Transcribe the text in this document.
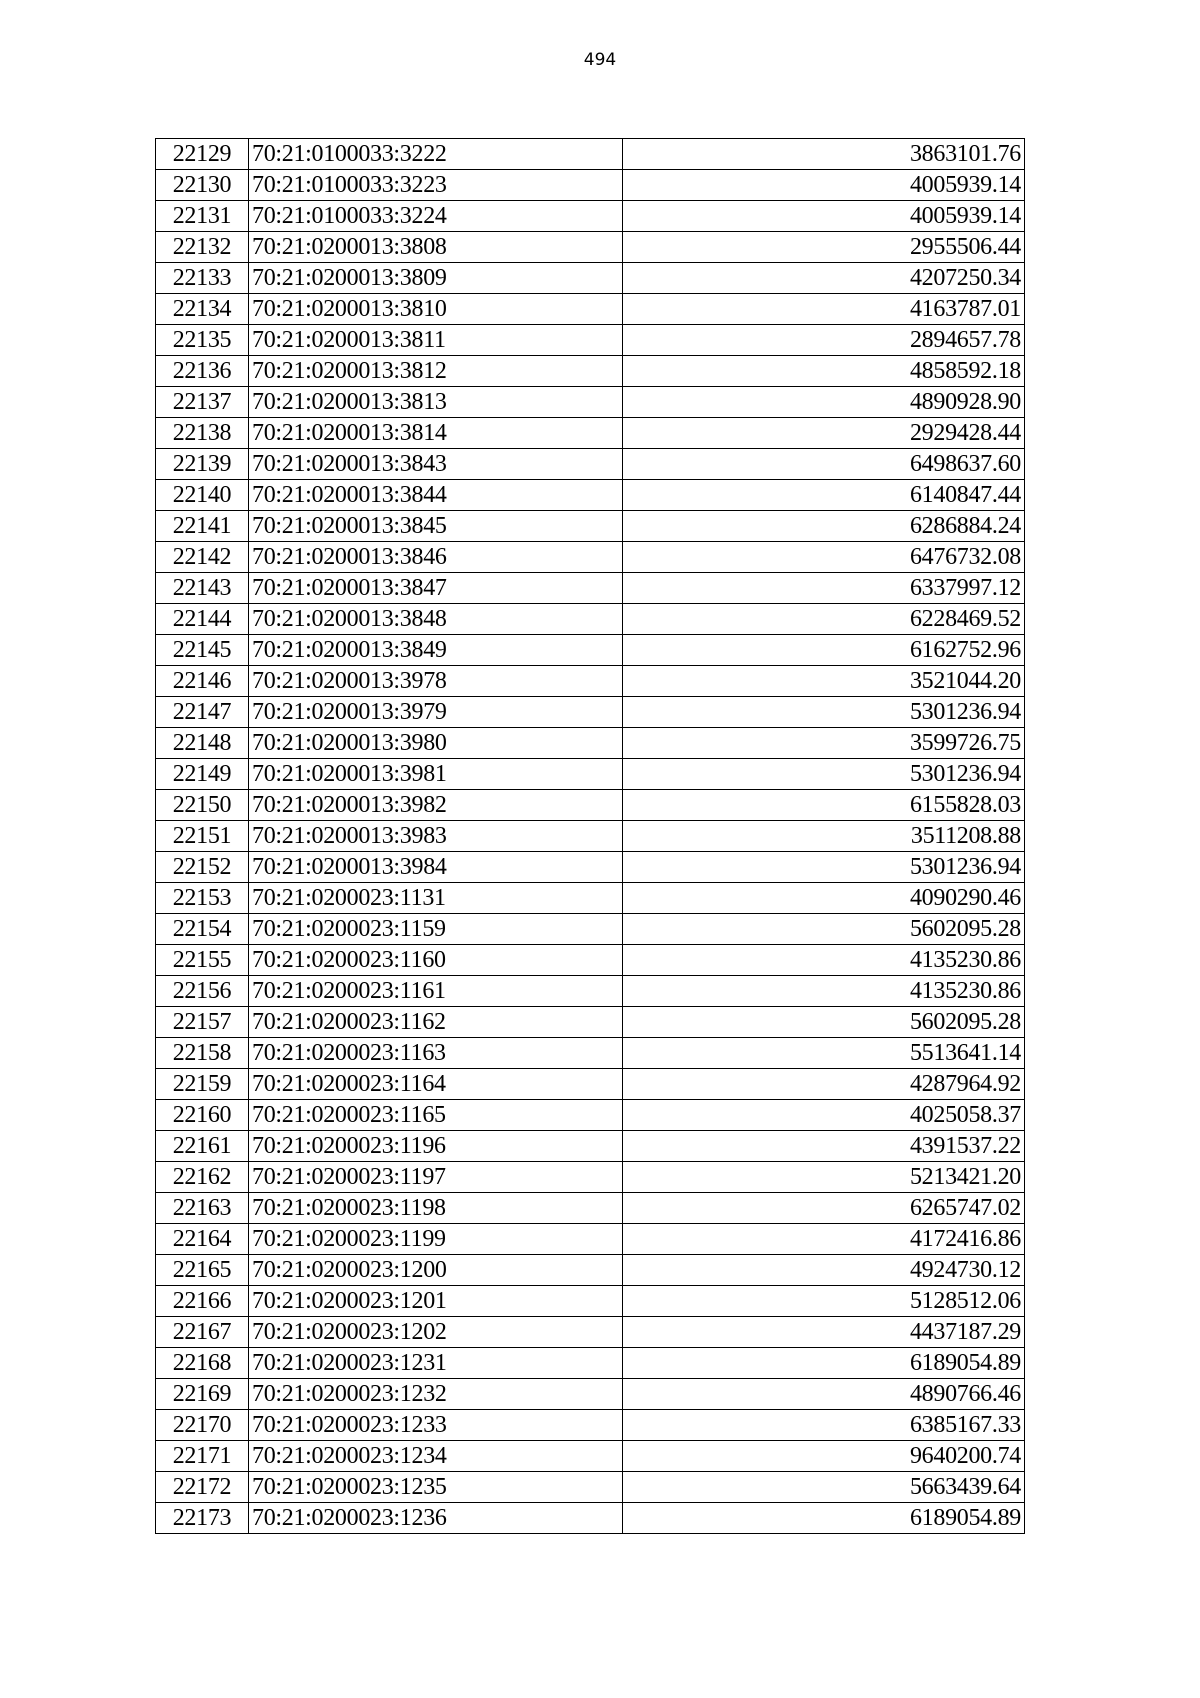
494
22129	70:21:0100033:3222	3863101.76
22130	70:21:0100033:3223	4005939.14
22131	70:21:0100033:3224	4005939.14
22132	70:21:0200013:3808	2955506.44
22133	70:21:0200013:3809	4207250.34
22134	70:21:0200013:3810	4163787.01
22135	70:21:0200013:3811	2894657.78
22136	70:21:0200013:3812	4858592.18
22137	70:21:0200013:3813	4890928.90
22138	70:21:0200013:3814	2929428.44
22139	70:21:0200013:3843	6498637.60
22140	70:21:0200013:3844	6140847.44
22141	70:21:0200013:3845	6286884.24
22142	70:21:0200013:3846	6476732.08
22143	70:21:0200013:3847	6337997.12
22144	70:21:0200013:3848	6228469.52
22145	70:21:0200013:3849	6162752.96
22146	70:21:0200013:3978	3521044.20
22147	70:21:0200013:3979	5301236.94
22148	70:21:0200013:3980	3599726.75
22149	70:21:0200013:3981	5301236.94
22150	70:21:0200013:3982	6155828.03
22151	70:21:0200013:3983	3511208.88
22152	70:21:0200013:3984	5301236.94
22153	70:21:0200023:1131	4090290.46
22154	70:21:0200023:1159	5602095.28
22155	70:21:0200023:1160	4135230.86
22156	70:21:0200023:1161	4135230.86
22157	70:21:0200023:1162	5602095.28
22158	70:21:0200023:1163	5513641.14
22159	70:21:0200023:1164	4287964.92
22160	70:21:0200023:1165	4025058.37
22161	70:21:0200023:1196	4391537.22
22162	70:21:0200023:1197	5213421.20
22163	70:21:0200023:1198	6265747.02
22164	70:21:0200023:1199	4172416.86
22165	70:21:0200023:1200	4924730.12
22166	70:21:0200023:1201	5128512.06
22167	70:21:0200023:1202	4437187.29
22168	70:21:0200023:1231	6189054.89
22169	70:21:0200023:1232	4890766.46
22170	70:21:0200023:1233	6385167.33
22171	70:21:0200023:1234	9640200.74
22172	70:21:0200023:1235	5663439.64
22173	70:21:0200023:1236	6189054.89
